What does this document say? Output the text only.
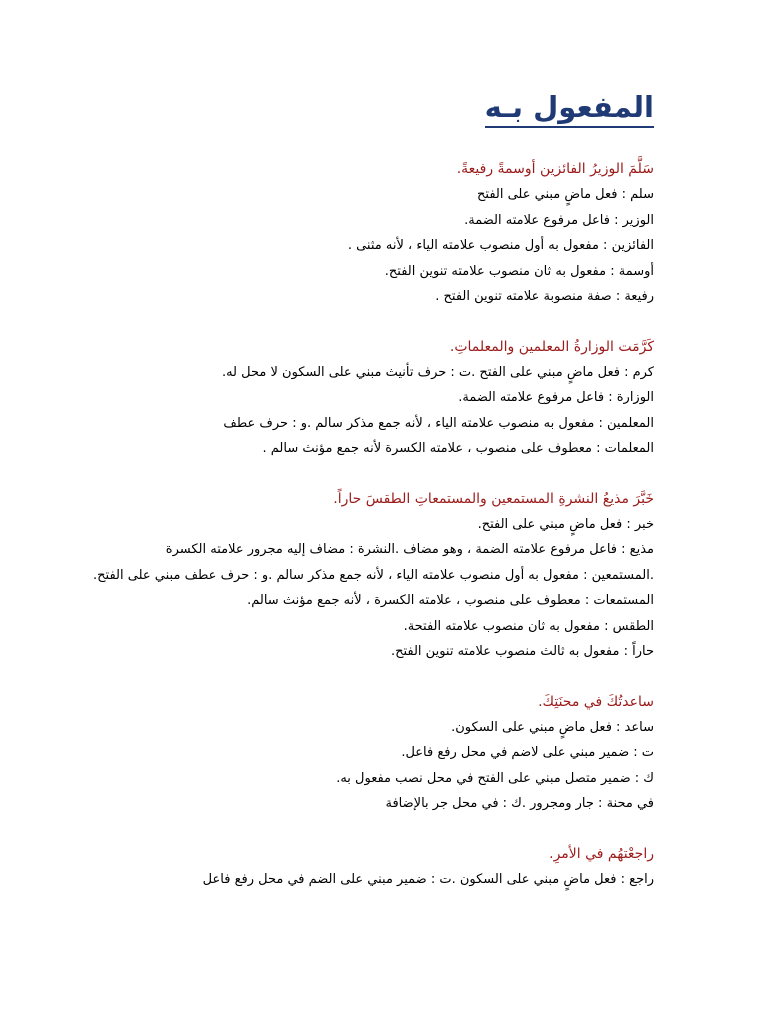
المفعول بـه

سَلَّمَ الوزيرُ الفائزين أوسمةً رفيعةً.

سلم : فعل ماضٍ مبني على الفتح

الوزير : فاعل مرفوع علامته الضمة.

الفائزين : مفعول به أول منصوب علامته الياء ، لأنه مثنى .

أوسمة : مفعول به ثان منصوب علامته تنوين الفتح.

رفيعة : صفة منصوبة علامته تنوين الفتح .

كَرَّمَت الوزارةُ المعلمين والمعلماتِ.

كرم : فعل ماضٍ مبني على الفتح .ت : حرف تأنيث مبني على السكون لا محل له.

الوزارة : فاعل مرفوع علامته الضمة.

المعلمين : مفعول به منصوب علامته الياء ، لأنه جمع مذكر سالم .و : حرف عطف

المعلمات : معطوف على منصوب ، علامته الكسرة لأنه جمع مؤنث سالم .

خَبَّرَ مذيعُ النشرةِ المستمعين والمستمعاتِ الطقسَ حاراً.

خبر : فعل ماضٍ مبني على الفتح.

مذيع : فاعل مرفوع علامته الضمة ، وهو مضاف .النشرة : مضاف إليه مجرور علامته الكسرة

.المستمعين : مفعول به أول منصوب علامته الياء ، لأنه جمع مذكر سالم .و : حرف عطف مبني على الفتح.

المستمعات : معطوف على منصوب ، علامته الكسرة ، لأنه جمع مؤنث سالم.

الطقس : مفعول به ثان منصوب علامته الفتحة.

حاراً : مفعول به ثالث منصوب علامته تنوين الفتح.

ساعدتُكَ في محنَتِكَ.

ساعد : فعل ماضٍ مبني على السكون.

ت : ضمير مبني على لاضم في محل رفع فاعل.

ك : ضمير متصل مبني على الفتح في محل نصب مفعول به.

في محنة : جار ومجرور .ك : في محل جر بالإضافة

راجعْتهُم في الأمرِ.

راجع : فعل ماضٍ مبني على السكون .ت : ضمير مبني على الضم في محل رفع فاعل
